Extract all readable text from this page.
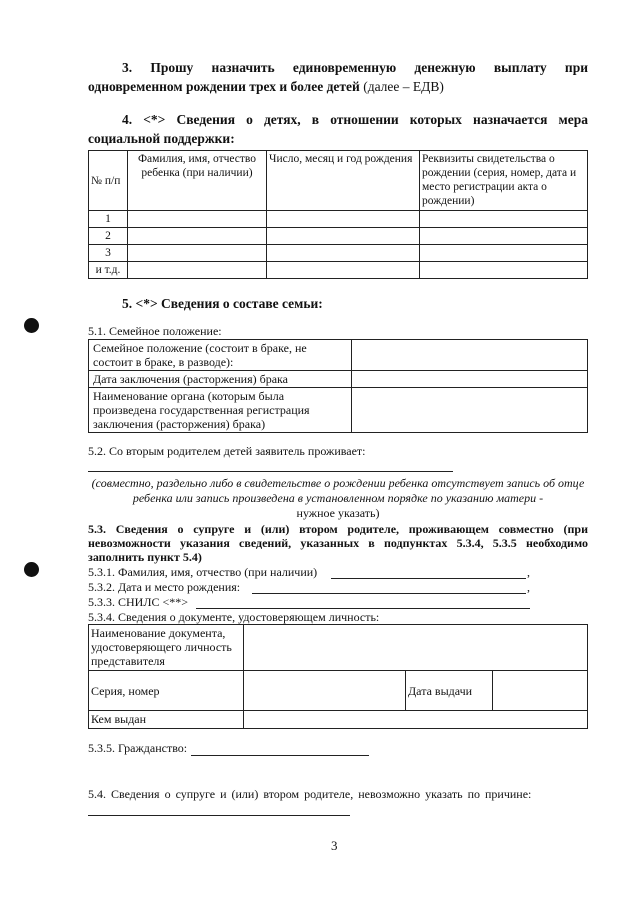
3. Прошу назначить единовременную денежную выплату при одновременном рождении трех и более детей (далее – ЕДВ)
4. <*> Сведения о детях, в отношении которых назначается мера социальной поддержки:
№ п/п	Фамилия, имя, отчество ребенка (при наличии)	Число, месяц и год рождения	Реквизиты свидетельства о рождении (серия, номер, дата и место регистрации акта о рождении)
1			
2			
3			
и т.д.			
5. <*> Сведения о составе семьи:
5.1. Семейное положение:
Семейное положение (состоит в браке, не состоит в браке, в разводе):	
Дата заключения (расторжения) брака	
Наименование органа (которым была произведена государственная регистрация заключения (расторжения) брака)	
5.2. Со вторым родителем детей заявитель проживает:
(совместно, раздельно либо в свидетельстве о рождении ребенка отсутствует запись об отце ребенка или запись произведена в установленном порядке по указанию матери -
нужное указать)
5.3. Сведения о супруге и (или) втором родителе, проживающем совместно (при невозможности указания сведений, указанных в подпунктах 5.3.4, 5.3.5 необходимо заполнить пункт 5.4)
5.3.1. Фамилия, имя, отчество (при наличии)	,
5.3.2. Дата и место рождения:	,
5.3.3. СНИЛС <**>
5.3.4. Сведения о документе, удостоверяющем личность:
Наименование документа, удостоверяющего личность представителя			
Серия, номер		Дата выдачи	
Кем выдан			
5.3.5. Гражданство:
5.4. Сведения о супруге и (или) втором родителе, невозможно указать по причине:
3
